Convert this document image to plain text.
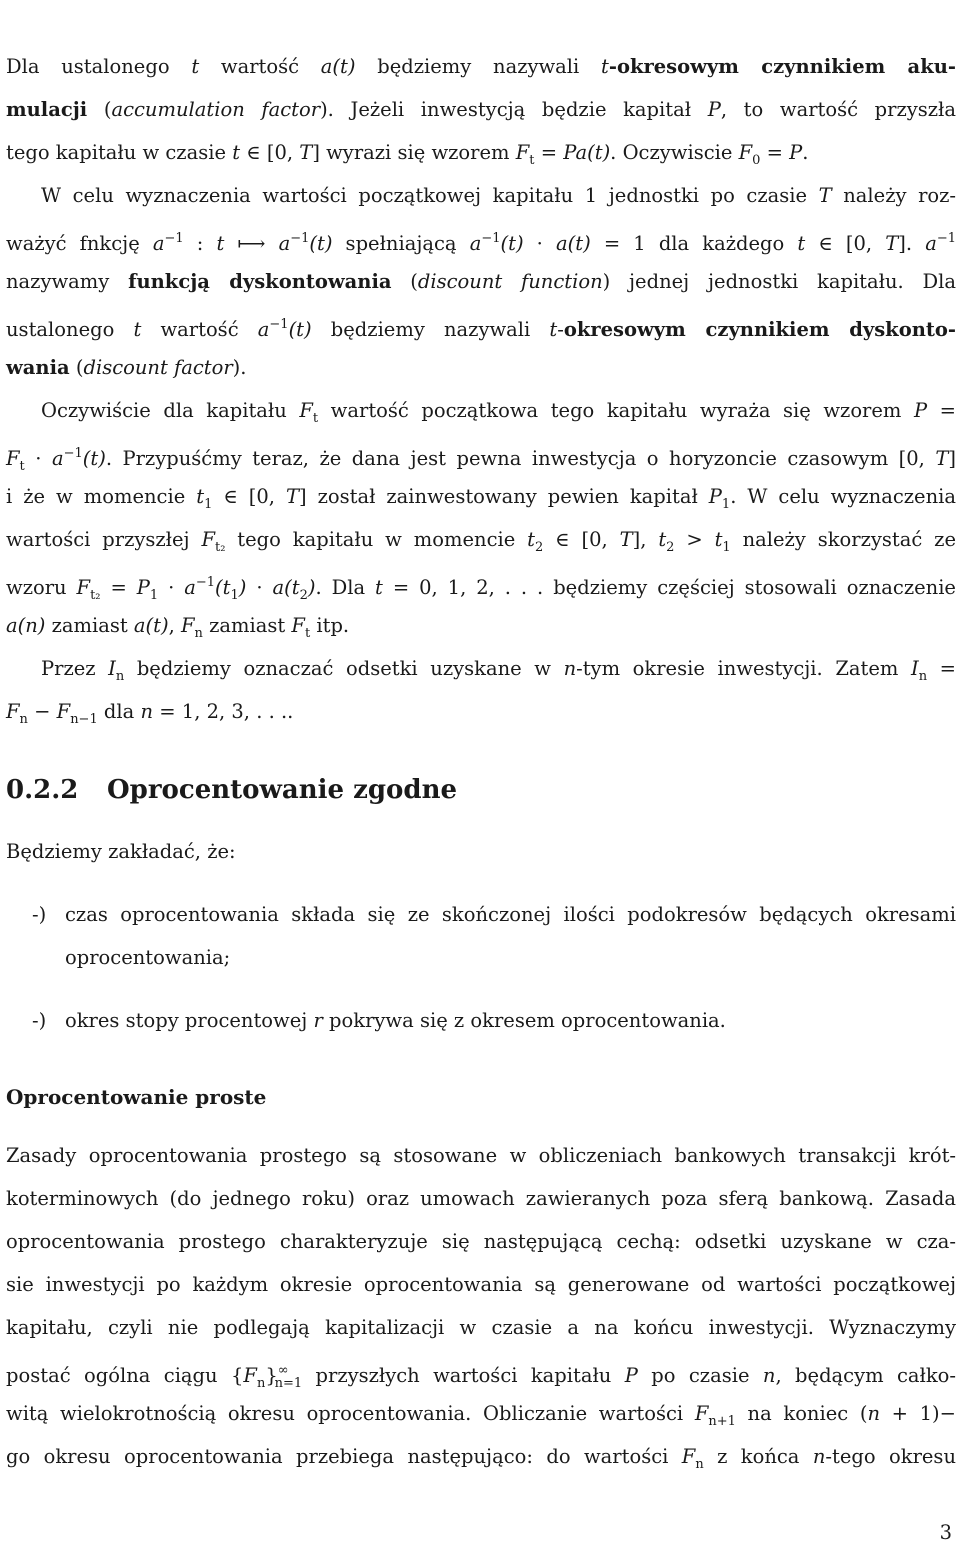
Dla ustalonego t wartość a(t) będziemy nazywali t-okresowym czynnikiem aku-
mulacji (accumulation factor). Jeżeli inwestycją będzie kapitał P, to wartość przyszła
tego kapitału w czasie t ∈ [0, T] wyrazi się wzorem $F_t = Pa(t)$. Oczywiscie $F_0 = P$.
W celu wyznaczenia wartości początkowej kapitału 1 jednostki po czasie T należy roz-
ważyć fnkcję $a^{-1}$ : t ⟼ $a^{-1}(t)$ spełniającą $a^{-1}(t) \cdot a(t) = 1$ dla każdego t ∈ [0, T]. $a^{-1}$
nazywamy funkcją dyskontowania (discount function) jednej jednostki kapitału. Dla
ustalonego t wartość $a^{-1}(t)$ będziemy nazywali t-okresowym czynnikiem dyskonto-
wania (discount factor).
Oczywiście dla kapitału $F_t$ wartość początkowa tego kapitału wyraża się wzorem P =
$F_t \cdot a^{-1}(t)$. Przypuśćmy teraz, że dana jest pewna inwestycja o horyzoncie czasowym [0, T]
i że w momencie $t_1$ ∈ [0, T] został zainwestowany pewien kapitał $P_1$. W celu wyznaczenia
wartości przyszłej $F_{t_2}$ tego kapitału w momencie $t_2$ ∈ [0, T], $t_2 > t_1$ należy skorzystać ze
wzoru $F_{t_2} = P_1 \cdot a^{-1}(t_1) \cdot a(t_2)$. Dla t = 0, 1, 2, . . . będziemy częściej stosowali oznaczenie
a(n) zamiast a(t), $F_n$ zamiast $F_t$ itp.
Przez $I_n$ będziemy oznaczać odsetki uzyskane w n-tym okresie inwestycji. Zatem $I_n$ =
$F_n - F_{n-1}$ dla n = 1, 2, 3, . . ..
0.2.2 Oprocentowanie zgodne
Będziemy zakładać, że:
-) czas oprocentowania składa się ze skończonej ilości podokresów będących okresami
oprocentowania;
-) okres stopy procentowej r pokrywa się z okresem oprocentowania.
Oprocentowanie proste
Zasady oprocentowania prostego są stosowane w obliczeniach bankowych transakcji krót-
koterminowych (do jednego roku) oraz umowach zawieranych poza sferą bankową. Zasada
oprocentowania prostego charakteryzuje się następującą cechą: odsetki uzyskane w cza-
sie inwestycji po każdym okresie oprocentowania są generowane od wartości początkowej
kapitału, czyli nie podlegają kapitalizacji w czasie a na końcu inwestycji. Wyznaczymy
postać ogólna ciągu $\{F_n\}^\infty_{n=1}$ przyszłych wartości kapitału P po czasie n, będącym całko-
witą wielokrotnością okresu oprocentowania. Obliczanie wartości $F_{n+1}$ na koniec (n + 1)−
go okresu oprocentowania przebiega następująco: do wartości $F_n$ z końca n-tego okresu
3
